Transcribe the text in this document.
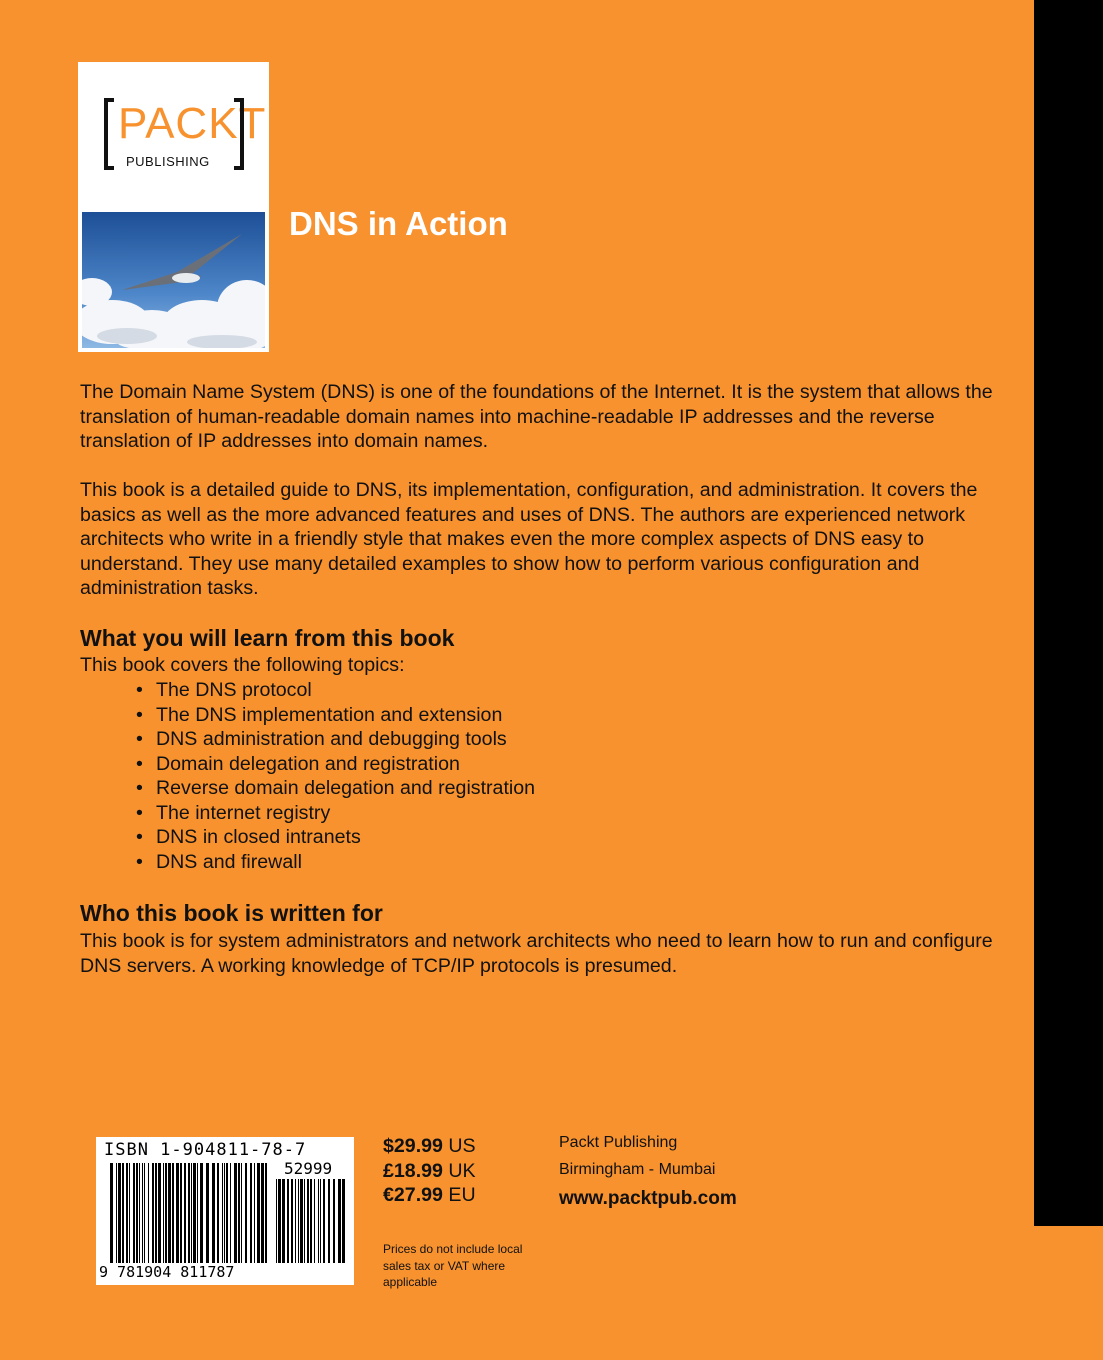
PACKT
PUBLISHING
DNS in Action

The Domain Name System (DNS) is one of the foundations of the Internet. It is the system that allows the translation of human-readable domain names into machine-readable IP addresses and the reverse translation of IP addresses into domain names.

This book is a detailed guide to DNS, its implementation, configuration, and administration. It covers the basics as well as the more advanced features and uses of DNS. The authors are experienced network architects who write in a friendly style that makes even the more complex aspects of DNS easy to understand. They use many detailed examples to show how to perform various configuration and administration tasks.

What you will learn from this book

This book covers the following topics:

• The DNS protocol
• The DNS implementation and extension
• DNS administration and debugging tools
• Domain delegation and registration
• Reverse domain delegation and registration
• The internet registry
• DNS in closed intranets
• DNS and firewall
Who this book is written for

This book is for system administrators and network architects who need to learn how to run and configure DNS servers. A working knowledge of TCP/IP protocols is presumed.

ISBN 1-904811-78-7
52999
9 781904 811787
$29.99 US
£18.99 UK
€27.99 EU
Prices do not include local sales tax or VAT where applicable
Packt Publishing
Birmingham - Mumbai
www.packtpub.com
